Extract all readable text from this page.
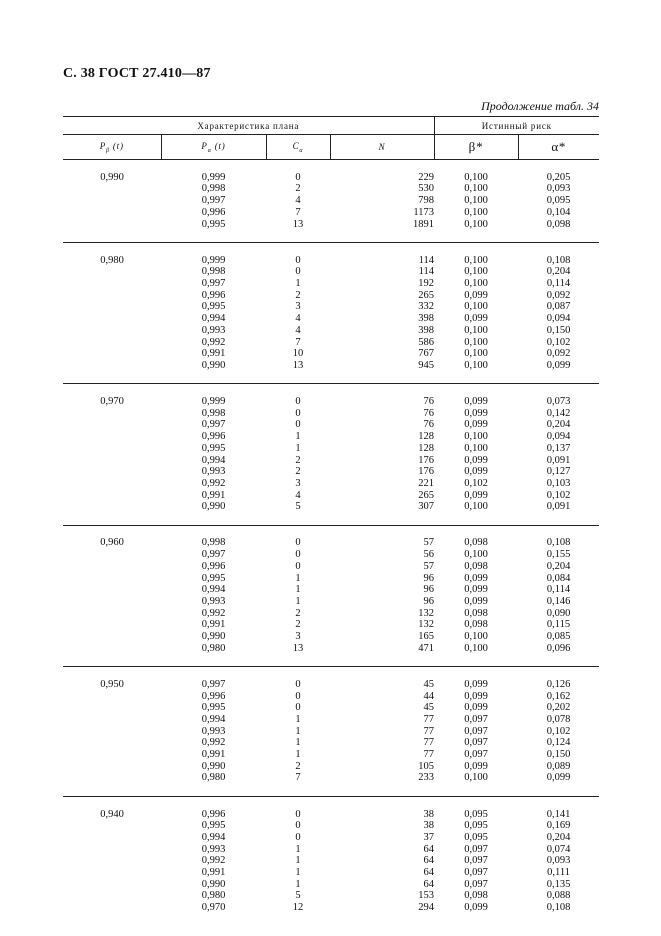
С. 38 ГОСТ 27.410—87
Продолжение табл. 34
Характеристика плана				Истинный риск	
$P_\beta$ (t)	$P_\alpha$ (t)	$C_\alpha$	N	β*	α*

0,990	0,999	0	229	0,100	0,205
	0,998	2	530	0,100	0,093
	0,997	4	798	0,100	0,095
	0,996	7	1173	0,100	0,104
	0,995	13	1891	0,100	0,098

0,980	0,999	0	114	0,100	0,108
	0,998	0	114	0,100	0,204
	0,997	1	192	0,100	0,114
	0,996	2	265	0,099	0,092
	0,995	3	332	0,100	0,087
	0,994	4	398	0,099	0,094
	0,993	4	398	0,100	0,150
	0,992	7	586	0,100	0,102
	0,991	10	767	0,100	0,092
	0,990	13	945	0,100	0,099

0,970	0,999	0	76	0,099	0,073
	0,998	0	76	0,099	0,142
	0,997	0	76	0,099	0,204
	0,996	1	128	0,100	0,094
	0,995	1	128	0,100	0,137
	0,994	2	176	0,099	0,091
	0,993	2	176	0,099	0,127
	0,992	3	221	0,102	0,103
	0,991	4	265	0,099	0,102
	0,990	5	307	0,100	0,091

0,960	0,998	0	57	0,098	0,108
	0,997	0	56	0,100	0,155
	0,996	0	57	0,098	0,204
	0,995	1	96	0,099	0,084
	0,994	1	96	0,099	0,114
	0,993	1	96	0,099	0,146
	0,992	2	132	0,098	0,090
	0,991	2	132	0,098	0,115
	0,990	3	165	0,100	0,085
	0,980	13	471	0,100	0,096

0,950	0,997	0	45	0,099	0,126
	0,996	0	44	0,099	0,162
	0,995	0	45	0,099	0,202
	0,994	1	77	0,097	0,078
	0,993	1	77	0,097	0,102
	0,992	1	77	0,097	0,124
	0,991	1	77	0,097	0,150
	0,990	2	105	0,099	0,089
	0,980	7	233	0,100	0,099

0,940	0,996	0	38	0,095	0,141
	0,995	0	38	0,095	0,169
	0,994	0	37	0,095	0,204
	0,993	1	64	0,097	0,074
	0,992	1	64	0,097	0,093
	0,991	1	64	0,097	0,111
	0,990	1	64	0,097	0,135
	0,980	5	153	0,098	0,088
	0,970	12	294	0,099	0,108
